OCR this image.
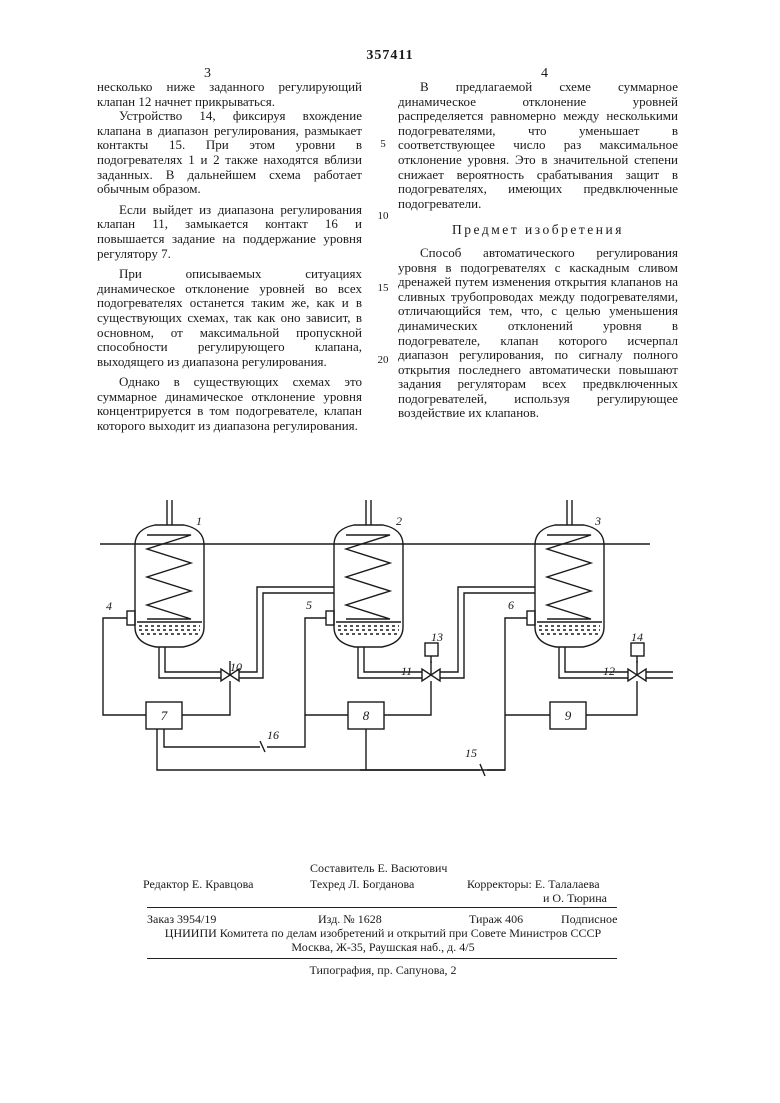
357411
3	4

несколько ниже заданного регулирующий клапан 12 начнет прикрываться.

Устройство 14, фиксируя вхождение клапана в диапазон регулирования, размыкает контакты 15. При этом уровни в подогревателях 1 и 2 также находятся вблизи заданных. В дальнейшем схема работает обычным образом.

Если выйдет из диапазона регулирования клапан 11, замыкается контакт 16 и повышается задание на поддержание уровня регулятору 7.

При описываемых ситуациях динамическое отклонение уровней во всех подогревателях останется таким же, как и в существующих схемах, так как оно зависит, в основном, от максимальной пропускной способности регулирующего клапана, выходящего из диапазона регулирования.

Однако в существующих схемах это суммарное динамическое отклонение уровня концентрируется в том подогревателе, клапан которого выходит из диапазона регулирования.

5
10
15
20

В предлагаемой схеме суммарное динамическое отклонение уровней распределяется равномерно между несколькими подогревателями, что уменьшает в соответствующее число раз максимальное отклонение уровня. Это в значительной степени снижает вероятность срабатывания защит в подогревателях, имеющих предвключенные подогреватели.

Предмет изобретения

Способ автоматического регулирования уровня в подогревателях с каскадным сливом дренажей путем изменения открытия клапанов на сливных трубопроводах между подогревателями, отличающийся тем, что, с целью уменьшения динамических отклонений уровня в подогревателе, клапан которого исчерпал диапазон регулирования, по сигналу полного открытия последнего автоматически повышают задания регуляторам всех предвключенных подогревателей, используя регулирующее воздействие их клапанов.

1	2	3
4	5	6
10	11	12
13	14
15
16
7	8	9
Составитель Е. Васютович
Редактор Е. Кравцова	Техред Л. Богданова	Корректоры: Е. Талалаева
и О. Тюрина
Заказ 3954/19	Изд. № 1628	Тираж 406	Подписное
ЦНИИПИ Комитета по делам изобретений и открытий при Совете Министров СССР
Москва, Ж-35, Раушская наб., д. 4/5
Типография, пр. Сапунова, 2
